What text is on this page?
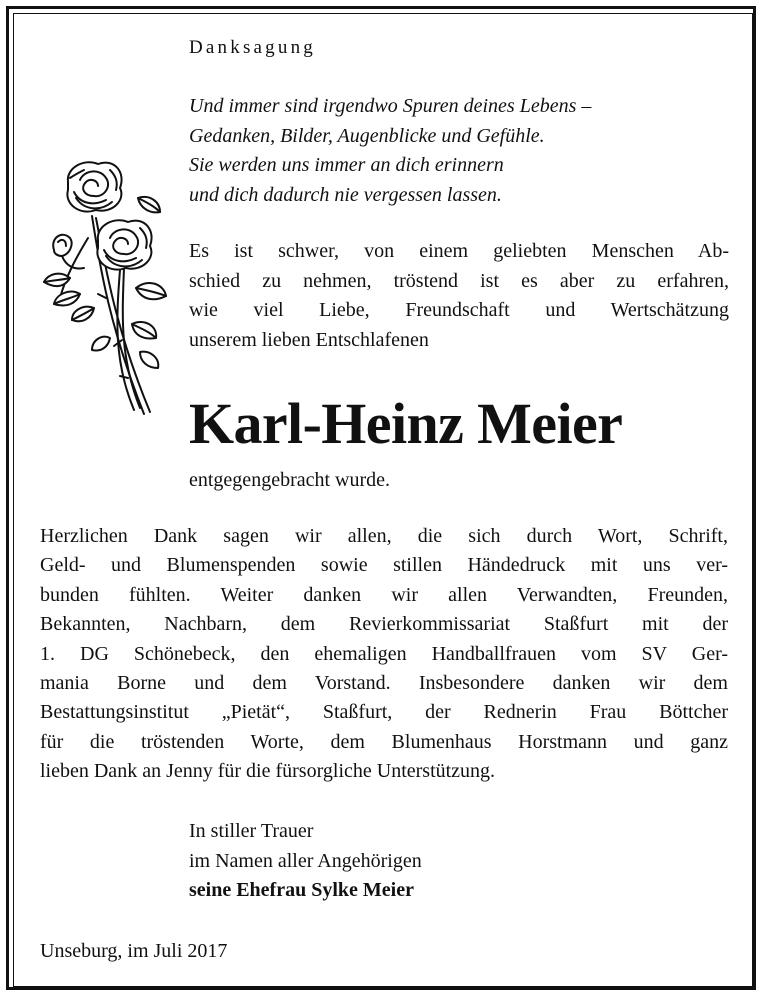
Danksagung
Und immer sind irgendwo Spuren deines Lebens –
Gedanken, Bilder, Augenblicke und Gefühle.
Sie werden uns immer an dich erinnern
und dich dadurch nie vergessen lassen.
Es ist schwer, von einem geliebten Menschen Ab-
schied zu nehmen, tröstend ist es aber zu erfahren,
wie viel Liebe, Freundschaft und Wertschätzung
unserem lieben Entschlafenen
Karl-Heinz Meier
entgegengebracht wurde.
Herzlichen Dank sagen wir allen, die sich durch Wort, Schrift,
Geld- und Blumenspenden sowie stillen Händedruck mit uns ver-
bunden fühlten. Weiter danken wir allen Verwandten, Freunden,
Bekannten, Nachbarn, dem Revierkommissariat Staßfurt mit der
1. DG Schönebeck, den ehemaligen Handballfrauen vom SV Ger-
mania Borne und dem Vorstand. Insbesondere danken wir dem
Bestattungsinstitut „Pietät“, Staßfurt, der Rednerin Frau Böttcher
für die tröstenden Worte, dem Blumenhaus Horstmann und ganz
lieben Dank an Jenny für die fürsorgliche Unterstützung.
In stiller Trauer
im Namen aller Angehörigen
seine Ehefrau Sylke Meier
Unseburg, im Juli 2017
